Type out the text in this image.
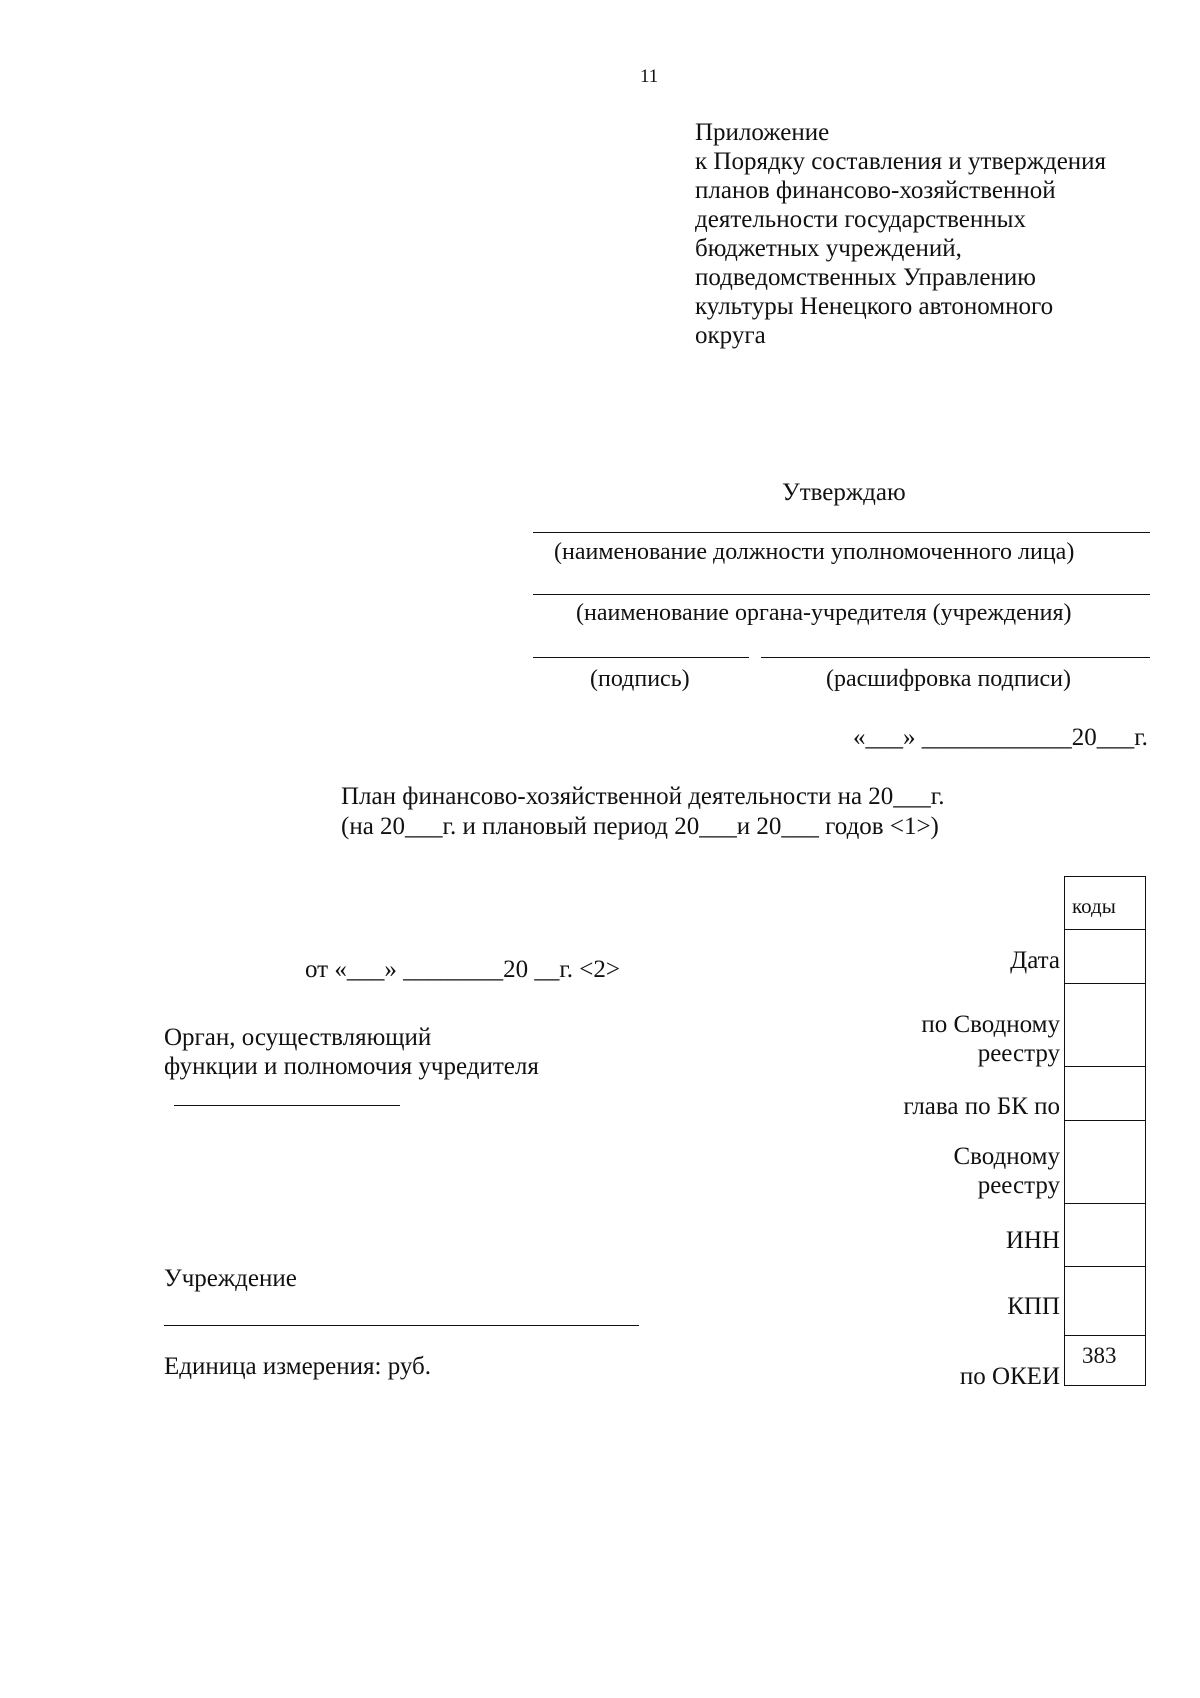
11
Приложение
к Порядку составления и утверждения
планов финансово-хозяйственной
деятельности государственных
бюджетных учреждений,
подведомственных Управлению
культуры Ненецкого автономного
округа
Утверждаю
(наименование должности уполномоченного лица)
(наименование органа-учредителя (учреждения)
(подпись)	(расшифровка подписи)
«___» ____________20___г.
План финансово-хозяйственной деятельности на 20___г.
(на 20___г. и плановый период 20___и 20___ годов <1>)
от «___» ________20 __г. <2>
Орган, осуществляющий
функции и полномочия учредителя
Учреждение
Единица измерения: руб.
коды
383
Дата
по Сводному
реестру
глава по БК по
Сводному
реестру
ИНН
КПП
по ОКЕИ
